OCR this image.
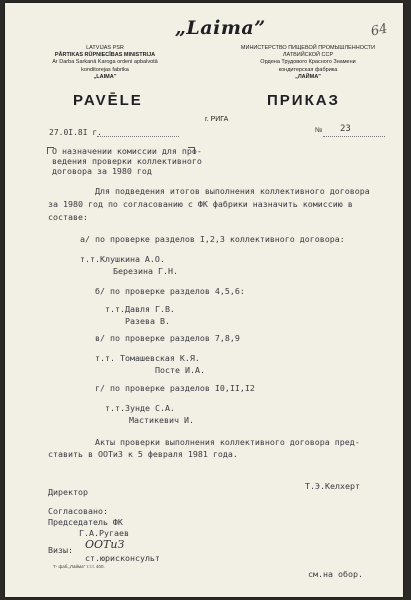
„Laima”	64
LATVIJAS PSR
PĀRTIKAS RŪPNIECĪBAS MINISTRIJA
Ar Darba Sarkanā Karoga ordeni apbalvotā
konditorejas fabrika
„LAIMA”
МИНИСТЕРСТВО ПИЩЕВОЙ ПРОМЫШЛЕННОСТИ
ЛАТВИЙСКОЙ ССР
Ордена Трудового Красного Знамени
кондитерская фабрика
„ЛАЙМА”
PAVĒLE	ПРИКАЗ
г. РИГА
27.0I.8I г.	№ 23
О назначении комиссии для про-
ведения проверки коллективного
договора за 1980 год
Для подведения итогов выполнения коллективного договора
за 1980 год по согласованию с ФК фабрики назначить комиссию в
составе:
а/ по проверке разделов I,2,3 коллективного договора:
т.т.Клушкина А.О.
Березина Г.Н.
б/ по проверке разделов 4,5,6:
т.т.Давля Г.В.
Разева В.
в/ по проверке разделов 7,8,9
т.т. Томашевская К.Я.
Посте И.А.
г/ по проверке разделов I0,II,I2
т.т.Зунде С.А.
Мастикевич И.
Акты проверки выполнения коллективного договора пред-
ставить в ООТиЗ к 5 февраля 1981 года.
Директор
Т.Э.Келхерт
Согласовано:
Председатель ФК
Г.А.Ругаев
Визы: ООТиЗ
ст.юрисконсульт
Т- фаб.„Лайма” т.т.т. 400.
см.на обор.
